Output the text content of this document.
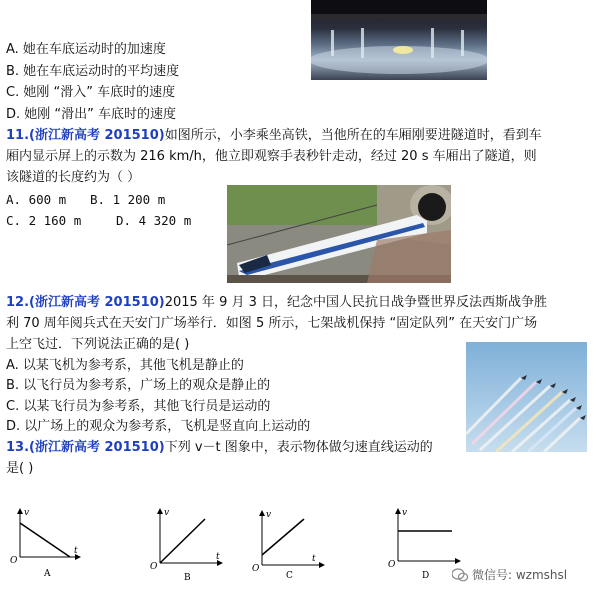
A. 她在车底运动时的加速度
B. 她在车底运动时的平均速度
C. 她刚 “滑入” 车底时的速度
D. 她刚 “滑出” 车底时的速度
11.(浙江新高考 201510)如图所示，小李乘坐高铁，当他所在的车厢刚要进隧道时，看到车
厢内显示屏上的示数为 216 km/h，他立即观察手表秒针走动，经过 20 s 车厢出了隧道，则
该隧道的长度约为（ ）
A. 600 m B. 1 200 m
C. 2 160 m	D. 4 320 m
12.(浙江新高考 201510)2015 年 9 月 3 日，纪念中国人民抗日战争暨世界反法西斯战争胜
利 70 周年阅兵式在天安门广场举行．如图 5 所示，七架战机保持 “固定队列” 在天安门广场
上空飞过．下列说法正确的是( )
A. 以某飞机为参考系，其他飞机是静止的
B. 以飞行员为参考系，广场上的观众是静止的
C. 以某飞行员为参考系，其他飞行员是运动的
D. 以广场上的观众为参考系，飞机是竖直向上运动的
13.(浙江新高考 201510)下列 v－t 图象中，表示物体做匀速直线运动的
是( )
v
t
O
A
v
t
O
B
v
t
O
C
v
O
D	微信号: wzmshsl
